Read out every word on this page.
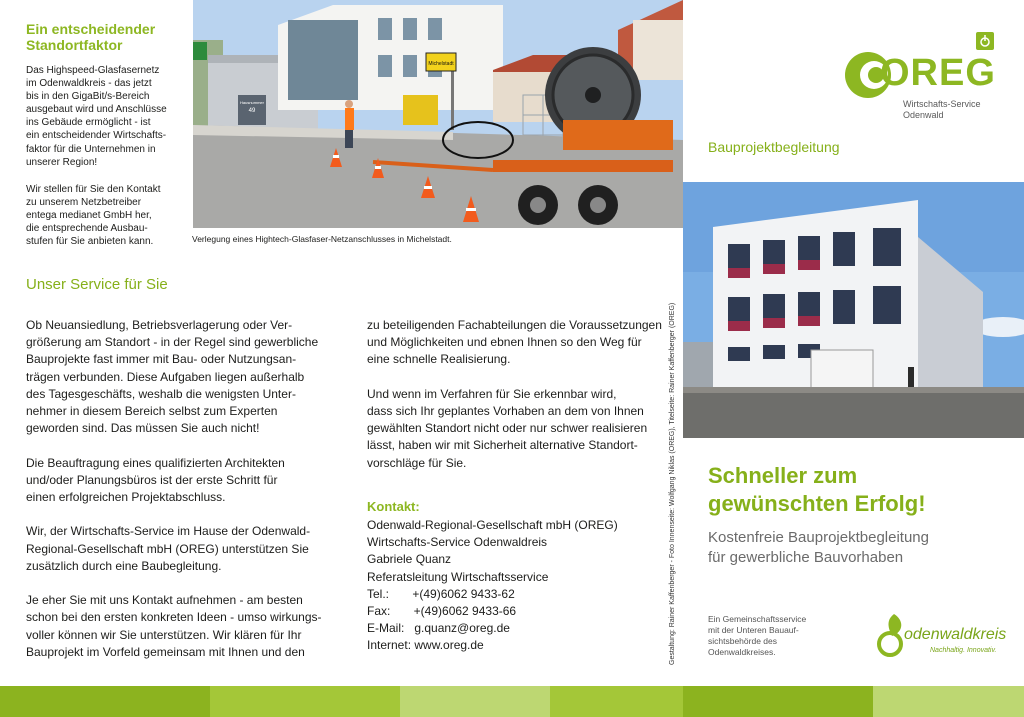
Ein entscheidender
Standortfaktor
Das Highspeed-Glasfasernetz
im Odenwaldkreis - das jetzt
bis in den GigaBit/s-Bereich
ausgebaut wird und Anschlüsse
ins Gebäude ermöglicht - ist
ein entscheidender Wirtschafts-
faktor für die Unternehmen in
unserer Region!
Wir stellen für Sie den Kontakt
zu unserem Netzbetreiber
entega medianet GmbH her,
die entsprechende Ausbau-
stufen für Sie anbieten kann.
Michelstadt
Hausnummer
49
Verlegung eines Hightech-Glasfaser-Netzanschlusses in Michelstadt.
Unser Service für Sie
Ob Neuansiedlung, Betriebsverlagerung oder Ver-
größerung am Standort - in der Regel sind gewerbliche
Bauprojekte fast immer mit Bau- oder Nutzungsan-
trägen verbunden. Diese Aufgaben liegen außerhalb
des Tagesgeschäfts, weshalb die wenigsten Unter-
nehmer in diesem Bereich selbst zum Experten
geworden sind. Das müssen Sie auch nicht!

Die Beauftragung eines qualifizierten Architekten
und/oder Planungsbüros ist der erste Schritt für
einen erfolgreichen Projektabschluss.

Wir, der Wirtschafts-Service im Hause der Odenwald-
Regional-Gesellschaft mbH (OREG) unterstützen Sie
zusätzlich durch eine Baubegleitung.

Je eher Sie mit uns Kontakt aufnehmen - am besten
schon bei den ersten konkreten Ideen - umso wirkungs-
voller können wir Sie unterstützen. Wir klären für Ihr
Bauprojekt im Vorfeld gemeinsam mit Ihnen und den
zu beteiligenden Fachabteilungen die Voraussetzungen
und Möglichkeiten und ebnen Ihnen so den Weg für
eine schnelle Realisierung.

Und wenn im Verfahren für Sie erkennbar wird,
dass sich Ihr geplantes Vorhaben an dem von Ihnen
gewählten Standort nicht oder nur schwer realisieren
lässt, haben wir mit Sicherheit alternative Standort-
vorschläge für Sie.
Kontakt:
Odenwald-Regional-Gesellschaft mbH (OREG)
Wirtschafts-Service Odenwaldreis
Gabriele Quanz
Referatsleitung Wirtschaftsservice
Tel.:       +(49)6062 9433-62
Fax:       +(49)6062 9433-66
E-Mail:   g.quanz@oreg.de
Internet: www.oreg.de	Gestaltung: Rainer Kaffenberger - Foto Innenseite: Wolfgang Niklas (OREG), Titelseite: Rainer Kaffenberger (OREG)
OREG
Wirtschafts-Service
Odenwald
Bauprojektbegleitung
Schneller zum
gewünschten Erfolg!
Kostenfreie Bauprojektbegleitung
für gewerbliche Bauvorhaben
Ein Gemeinschaftsservice
mit der Unteren Bauauf-
sichtsbehörde des
Odenwaldkreises.
odenwaldkreis
Nachhaltig. Innovativ.
